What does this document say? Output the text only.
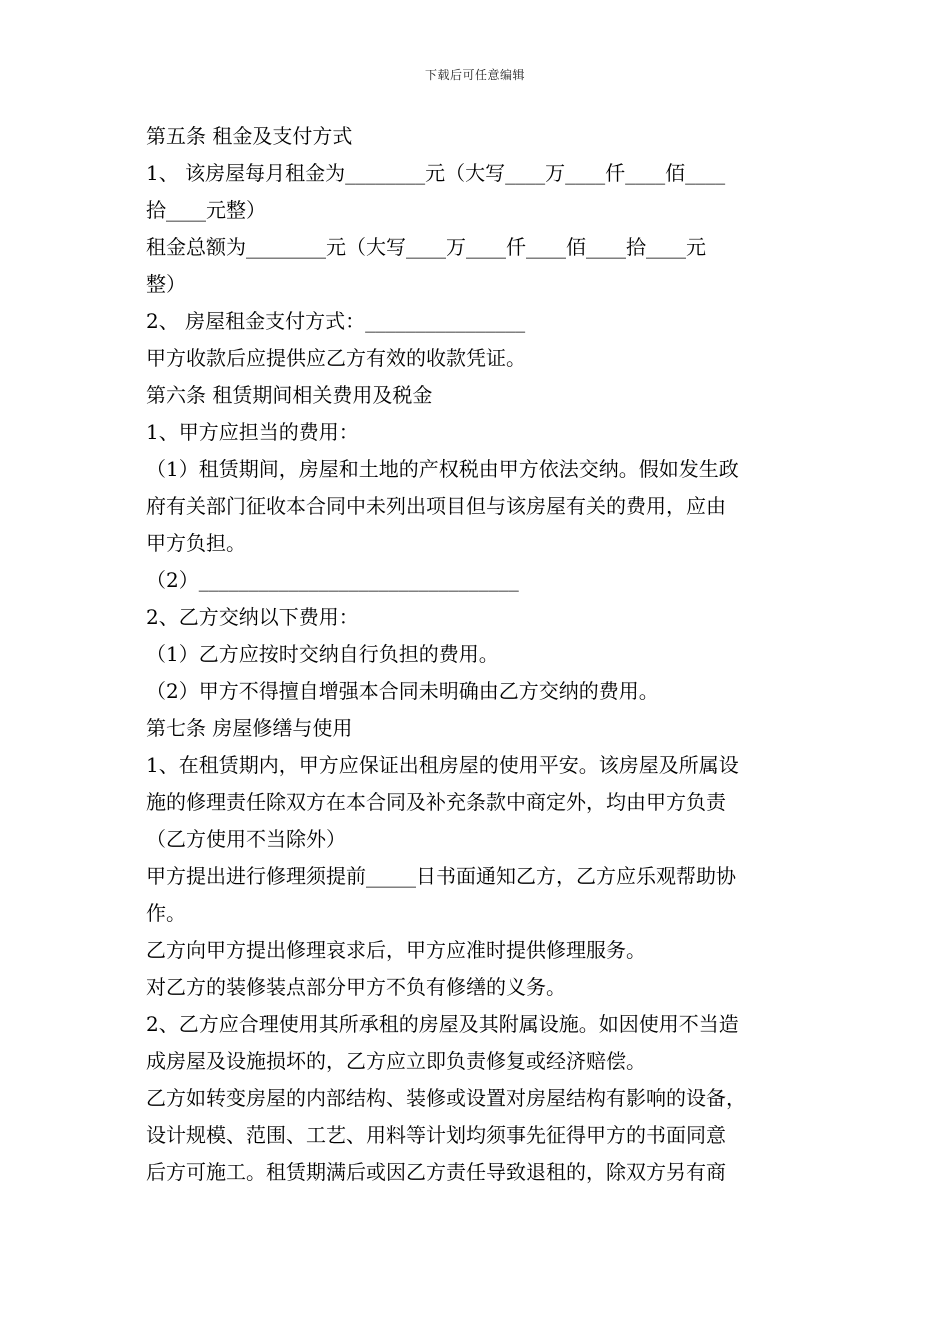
下载后可任意编辑
第五条 租金及支付方式
1、 该房屋每月租金为________元（大写____万____仟____佰____
拾____元整）
租金总额为________元（大写____万____仟____佰____拾____元
整）
2、 房屋租金支付方式：________________
甲方收款后应提供应乙方有效的收款凭证。
第六条 租赁期间相关费用及税金
1、甲方应担当的费用：
（1）租赁期间，房屋和土地的产权税由甲方依法交纳。假如发生政
府有关部门征收本合同中未列出项目但与该房屋有关的费用，应由
甲方负担。
（2）________________________________
2、乙方交纳以下费用：
（1）乙方应按时交纳自行负担的费用。
（2）甲方不得擅自增强本合同未明确由乙方交纳的费用。
第七条 房屋修缮与使用
1、在租赁期内，甲方应保证出租房屋的使用平安。该房屋及所属设
施的修理责任除双方在本合同及补充条款中商定外，均由甲方负责
（乙方使用不当除外）
甲方提出进行修理须提前_____日书面通知乙方，乙方应乐观帮助协
作。
乙方向甲方提出修理哀求后，甲方应准时提供修理服务。
对乙方的装修装点部分甲方不负有修缮的义务。
2、乙方应合理使用其所承租的房屋及其附属设施。如因使用不当造
成房屋及设施损坏的，乙方应立即负责修复或经济赔偿。
乙方如转变房屋的内部结构、装修或设置对房屋结构有影响的设备，
设计规模、范围、工艺、用料等计划均须事先征得甲方的书面同意
后方可施工。租赁期满后或因乙方责任导致退租的，除双方另有商
